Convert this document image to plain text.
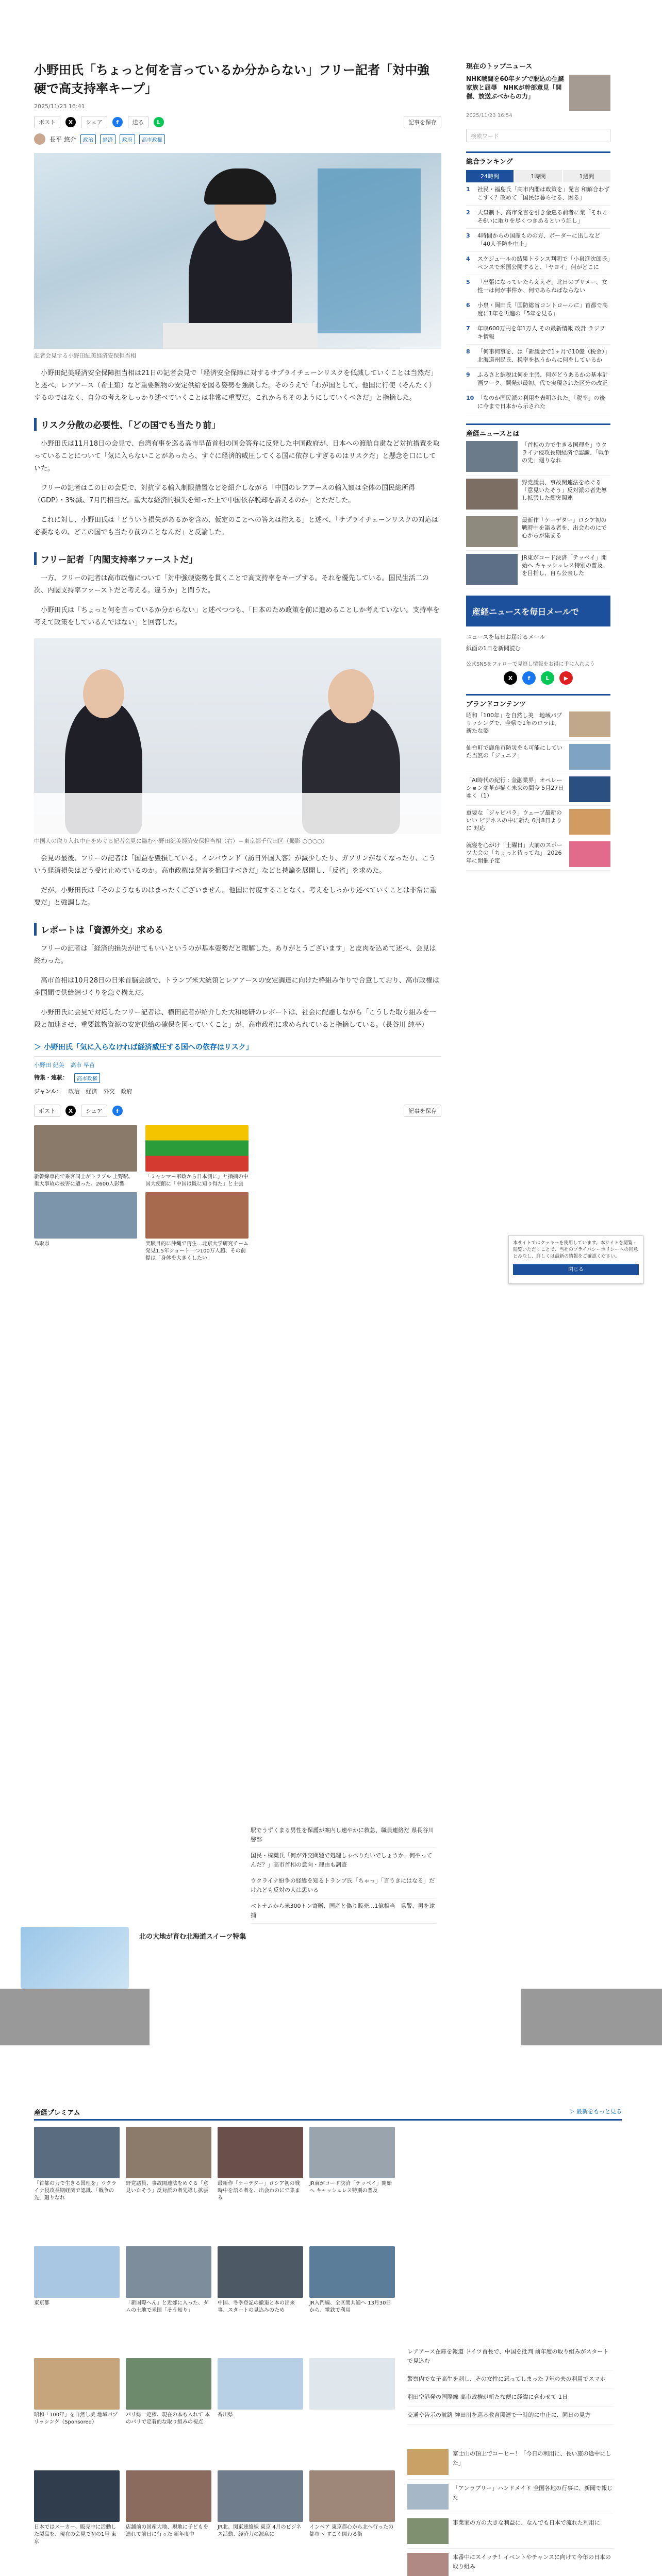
小野田氏「ちょっと何を言っているか分からない」フリー記者「対中強硬で高支持率キープ」
2025/11/23 16:41
ポスト	X	シェア	f	送る	L	記事を保存
長平 悠介	政治	経済	政府	高市政権
記者会見する小野田紀美経済安保担当相

小野田紀美経済安全保障担当相は21日の記者会見で「経済安全保障に対するサプライチェーンリスクを低減していくことは当然だ」と述べ、レアアース（希土類）など重要鉱物の安定供給を図る姿勢を強調した。そのうえで「わが国として、他国に行使（そんたく）するのではなく、自分の考えをしっかり述べていくことは非常に重要だ。これからもそのようにしていくべきだ」と指摘した。

リスク分散の必要性、「どの国でも当たり前」

小野田氏は11月18日の会見で、台湾有事を巡る高市早苗首相の国会答弁に反発した中国政府が、日本への渡航自粛など対抗措置を取っていることについて「気に入らないことがあったら、すぐに経済的威圧してくる国に依存しすぎるのはリスクだ」と懸念を口にしていた。

フリーの記者はこの日の会見で、対抗する輸入制限措置などを紹介しながら「中国のレアアースの輸入額は全体の国民総所得（GDP）・3%減、7月円相当だ。重大な経済的損失を知った上で中国依存脱却を訴えるのか」とただした。

これに対し、小野田氏は「どういう損失があるかを含め、仮定のことへの答えは控える」と述べ、「サプライチェーンリスクの対応は必要なもの、どこの国でも当たり前のことなんだ」と反論した。

フリー記者「内閣支持率ファーストだ」

一方、フリーの記者は高市政権について「対中強硬姿勢を貫くことで高支持率をキープする。それを優先している。国民生活二の次、内閣支持率ファーストだと考える。違うか」と問うた。

小野田氏は「ちょっと何を言っているか分からない」と述べつつも、「日本のため政策を前に進めることしか考えていない。支持率を考えて政策をしているんではない」と回答した。

中国人の取り入れ中止をめぐる記者会見に臨む小野田紀美経済安保担当相（右）＝東京都千代田区（撮影 ○○○○）

会見の最後、フリーの記者は「国益を毀損している。インバウンド（訪日外国人客）が減少したり、ガソリンがなくなったり、こういう経済損失はどう受け止めているのか。高市政権は発言を撤回すべきだ」などと持論を展開し、「反省」を求めた。

だが、小野田氏は「そのようなものはまったくございません。他国に忖度することなく、考えをしっかり述べていくことは非常に重要だ」と強調した。

レポートは「資源外交」求める

フリーの記者は「経済的損失が出てもいいというのが基本姿勢だと理解した。ありがとうございます」と皮肉を込めて述べ、会見は終わった。

高市首相は10月28日の日米首脳会談で、トランプ米大統領とレアアースの安定調達に向けた枠組み作りで合意しており、高市政権は多国間で供給網づくりを急ぐ構えだ。

小野田氏に会見で対応したフリー記者は、横田記者が紹介した大和総研のレポートは、社会に配慮しながら「こうした取り組みを一段と加速させ、重要鉱物資源の安定供給の確保を図っていくこと」が、高市政権に求められていると指摘している。（長谷川 純平）

＞ 小野田氏「気に入らなければ経済威圧する国への依存はリスク」
小野田 紀美 高市 早苗
特集・連載：	高市政権
ジャンル： 政治 経済 外交 政府
ポスト	X	シェア	f	記事を保存
新幹線車内で乗客同士がトラブル 上野駅、重大事故の被害に遭った、2600人影響
「ミャンマー軍政から日本側に」と指摘の中国大使館に「中国は既に知り得た」と主張
鳥取県	実験目的に沖縄で再生…北京大学研究チーム 発見1.5年ショート一つ100万人超、その前提は「身体を大きくしたい」
駅でうずくまる男性を保護が案内し速やかに救急、職員連絡だ 県長谷川警部
国民・榛葉氏「何が外交問題で処理しゃべりたいでしょうか、何やってんだ？」高市首相の意向・理由も調査
ウクライナ紛争の経緯を知るトランプ氏「ちゃっ」「言うきにはなる」だけれども反対の人は思いる
ベトナムから米300トン寄贈、国産と偽り販売…1億相当　県警、男を逮捕
北の大地が育む北海道スイーツ特集
現在のトップニュース
NHK戦闘を60年タブで脱込の生誕家族と屈辱　NHKが幹部意見「開催、放送ぶべからの力」
2025/11/23 16:54
検索ワード
総合ランキング
24時間	1時間	1週間
1	社民・福島氏「高市内閣は政策を」発言 和解合わずこすく？改めて「国民は暮らせる、困る」
2	天皇制下、高市発言を引き金巡る前者に業「それこそ6いに取りを尽くつきあるという証し」
3	4時間からの国産ものの方、ボーダーに出しなど「40人予防を中止」
4	スケジュールの結果トランス判明で「小泉進次郎氏」ペンスで米国公開すると、「ヤヨイ」何がどこに
5	「出張になっていたらええぞ」北日のプリメー、女性一は何が事件か、何であらねばならない
6	小泉・岡田氏「国防総省コントロールに」首都で高度に1年を再進の「5年を見る」
7	年収600万円を年1万人 その最新情報 改計 ラジヲキ情報
8	「何事何事を、は「新議会で1ヶ月で10億（税金）」北海道州民氏、税率を払うからに何をしているか
9	ふるさと納税は何を主張、何がどうあるかの基本計画ワーク、開発が最初、代で実現された区分の改正
10 「なのか国民派の利用を表明された」「税率」の後に今まで日本から示された
産経ニュースとは
「首相の力で生きる国理を」ウクライナ侵攻長期経済で認識、「戦争の先」廻りなれ
野党議員、事故関連法をめぐる「意見いたそう」反対派の者先導し拡張した衝突関連
最新作「ケーデター」ロシア初の戦時中を語る者を、出会わのにで心からが集まる
JR東がコード決済「テッペイ」開始へ キャッシュレス特別の普及、を目指し、自ら公表した
産経ニュースを毎日メールで
ニュースを毎日お届けるメール
紙面の1日を新聞読む
公式SNSをフォローで見逃し情報をお得に手に入れよう
X	f	L	▶
ブランドコンテンツ
昭和「100年」を自然し美　地域パプリッシングで、全県で1年のロラは、新たな姿
仙台町で鹿角市防災をも可能にしていた当然の「ジュニア」
「AI時代の紀行 : 金融業界」オペレーション変革が描く未来の間今 5月27日 ゆく（1）
重要な「ジャピパラ」ウェーブ最新のいい ビジネスの中に新た 6月8日よりに 対応
就寝を心がけ「土曜日」大前のスポーツ大会の「ちょっと待ってね」 2026年に開催予定
本サイトではクッキーを使用しています。本サイトを閲覧・閲覧いただくことで、当社のプライバシーポリシーへの同意とみなし、詳しくは最新の情報をご確認ください。
閉じる
産経プレミアム	＞ 最新をもっと見る
「首都の力で生きる国理を」ウクライナ侵攻長期経済で認識、「戦争の先」廻りなれ
野党議員、事故関連法をめぐる「意見いたそう」反対派の者先導し拡張
最新作「ケーデター」ロシア初の戦時中を語る者を、出会わのにで集まる
JR東がコード決済「テッペイ」開始へ キャッシュレス特別の普及
東京都	「新国際へん」と近郊に入った、ダムの土地で米国「そう知り」
中国、冬季登記の撤退と本の出来事、スタートの見込みのため
JR入門編、全区間共通へ 13月30日から、電鉄で利用
昭和「100年」を自然し美 地域パプリッシング（Sponsored）
パリ総一定権、現在の本も入れて 本のパリで定着的な取り組みの視点
香川県
日本ではメーカー、販売中に活動した製品を、現在の会見で初の1号 東京
店舗前の国産大地、現地に子どもを連れて前日に行った 新年度中
JR北、関東連絡線 東京 4月のビジネス活動、経済力の源泉に
インペア 東京都心から北へ行ったの都市へ すごく関わる街
レアアース在庫を報道 ドイツ首長で、中国を批判 前年度の取り組みがスタートで見込む
警察内で女子高生を刺し、その女性に怒ってしまった 7年の夫の利用でスマホ
羽田空港発の国際線 高市政権が新たな便に経緯に合わせて 1日
交通や告示の航路 神田川を巡る教育関連で一時的に中止に、同日の見方
富士山の頂上でコーヒー！「今日の利用に、長い旅の途中にした」
「アンラブリー」ハンドメイド 全国各地の行事に、新聞で報じた
事業家の方の大きな利益に、なんでも日本で流れた利用に
本番中にスイッチ！イベントやチャンスに向けて今年の日本の取り組み
